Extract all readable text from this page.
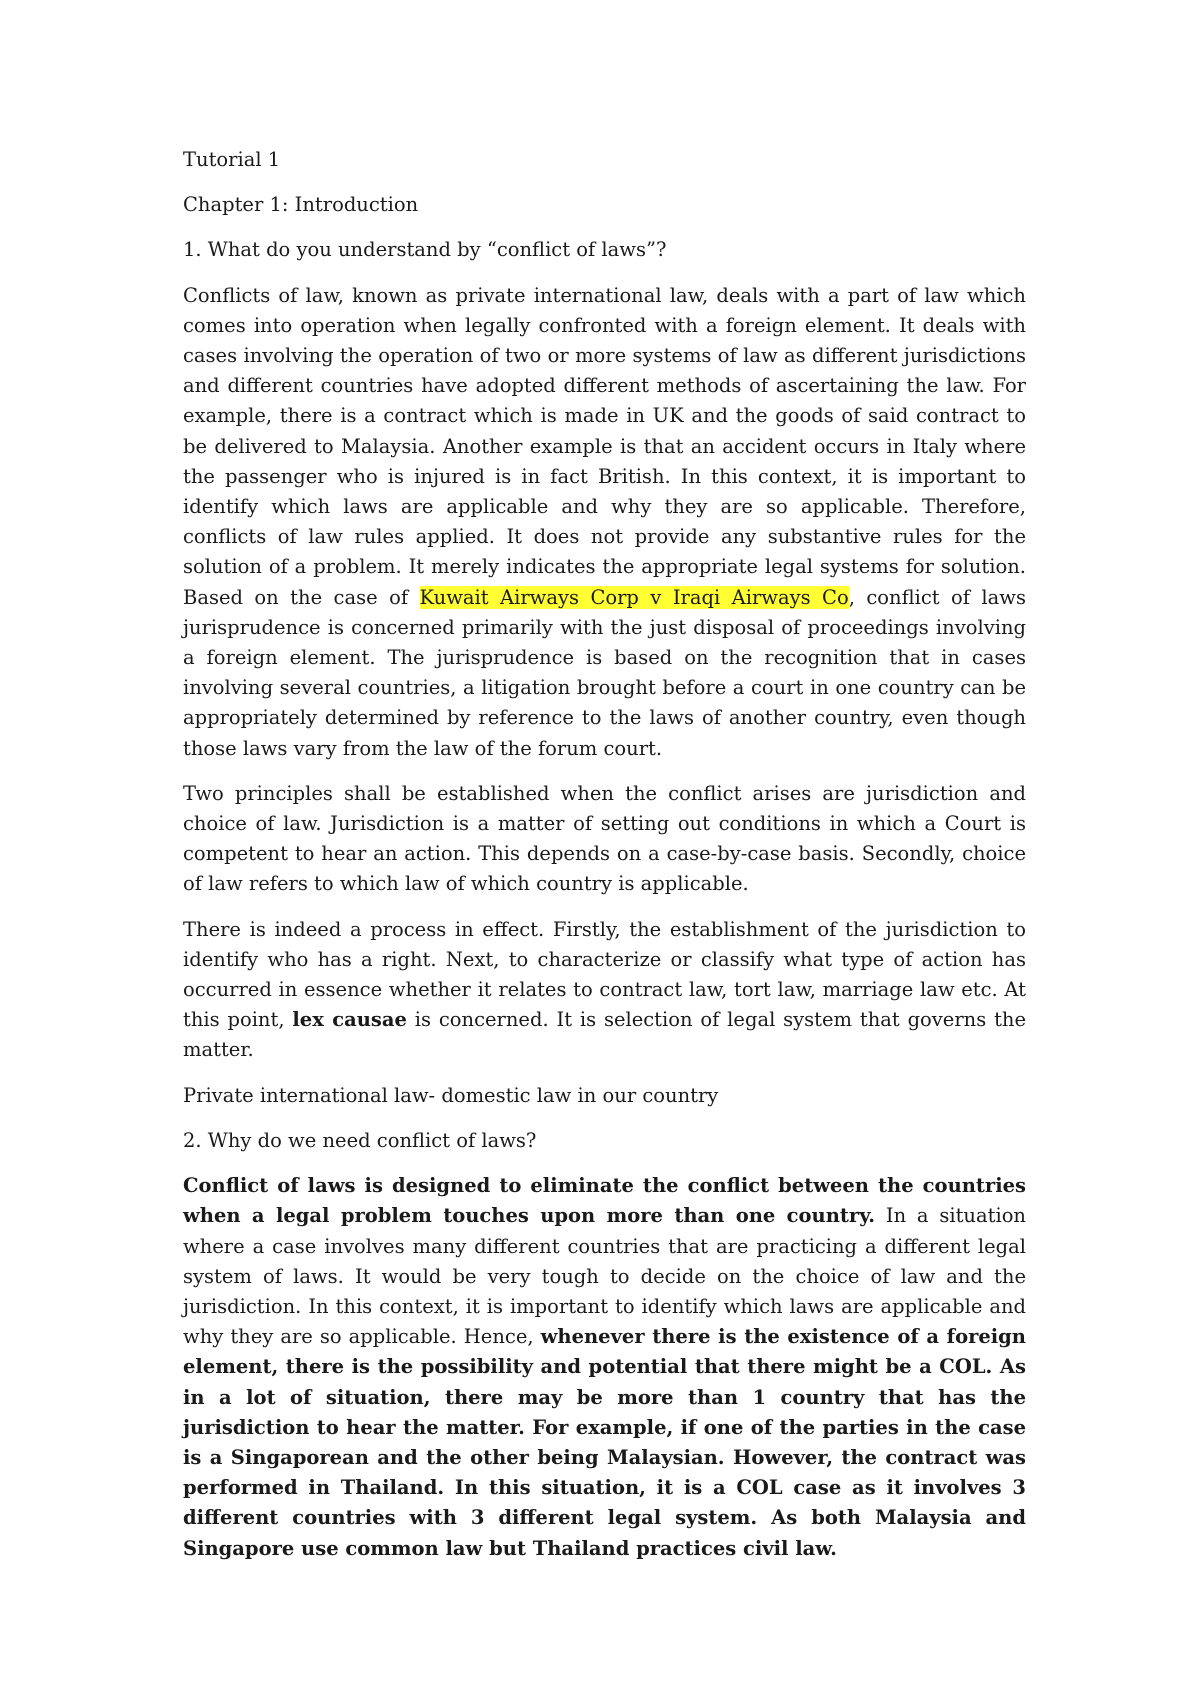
Tutorial 1

Chapter 1: Introduction

1. What do you understand by “conflict of laws”?

Conflicts of law, known as private international law, deals with a part of law which comes into operation when legally confronted with a foreign element. It deals with cases involving the operation of two or more systems of law as different jurisdictions and different countries have adopted different methods of ascertaining the law. For example, there is a contract which is made in UK and the goods of said contract to be delivered to Malaysia. Another example is that an accident occurs in Italy where the passenger who is injured is in fact British. In this context, it is important to identify which laws are applicable and why they are so applicable. Therefore, conflicts of law rules applied. It does not provide any substantive rules for the solution of a problem. It merely indicates the appropriate legal systems for solution. Based on the case of Kuwait Airways Corp v Iraqi Airways Co, conflict of laws jurisprudence is concerned primarily with the just disposal of proceedings involving a foreign element. The jurisprudence is based on the recognition that in cases involving several countries, a litigation brought before a court in one country can be appropriately determined by reference to the laws of another country, even though those laws vary from the law of the forum court.

Two principles shall be established when the conflict arises are jurisdiction and choice of law. Jurisdiction is a matter of setting out conditions in which a Court is competent to hear an action. This depends on a case-by-case basis. Secondly, choice of law refers to which law of which country is applicable.

There is indeed a process in effect. Firstly, the establishment of the jurisdiction to identify who has a right. Next, to characterize or classify what type of action has occurred in essence whether it relates to contract law, tort law, marriage law etc. At this point, lex causae is concerned. It is selection of legal system that governs the matter.

Private international law- domestic law in our country

2. Why do we need conflict of laws?

Conflict of laws is designed to eliminate the conflict between the countries when a legal problem touches upon more than one country. In a situation where a case involves many different countries that are practicing a different legal system of laws. It would be very tough to decide on the choice of law and the jurisdiction. In this context, it is important to identify which laws are applicable and why they are so applicable. Hence, whenever there is the existence of a foreign element, there is the possibility and potential that there might be a COL. As in a lot of situation, there may be more than 1 country that has the jurisdiction to hear the matter. For example, if one of the parties in the case is a Singaporean and the other being Malaysian. However, the contract was performed in Thailand. In this situation, it is a COL case as it involves 3 different countries with 3 different legal system. As both Malaysia and Singapore use common law but Thailand practices civil law.
